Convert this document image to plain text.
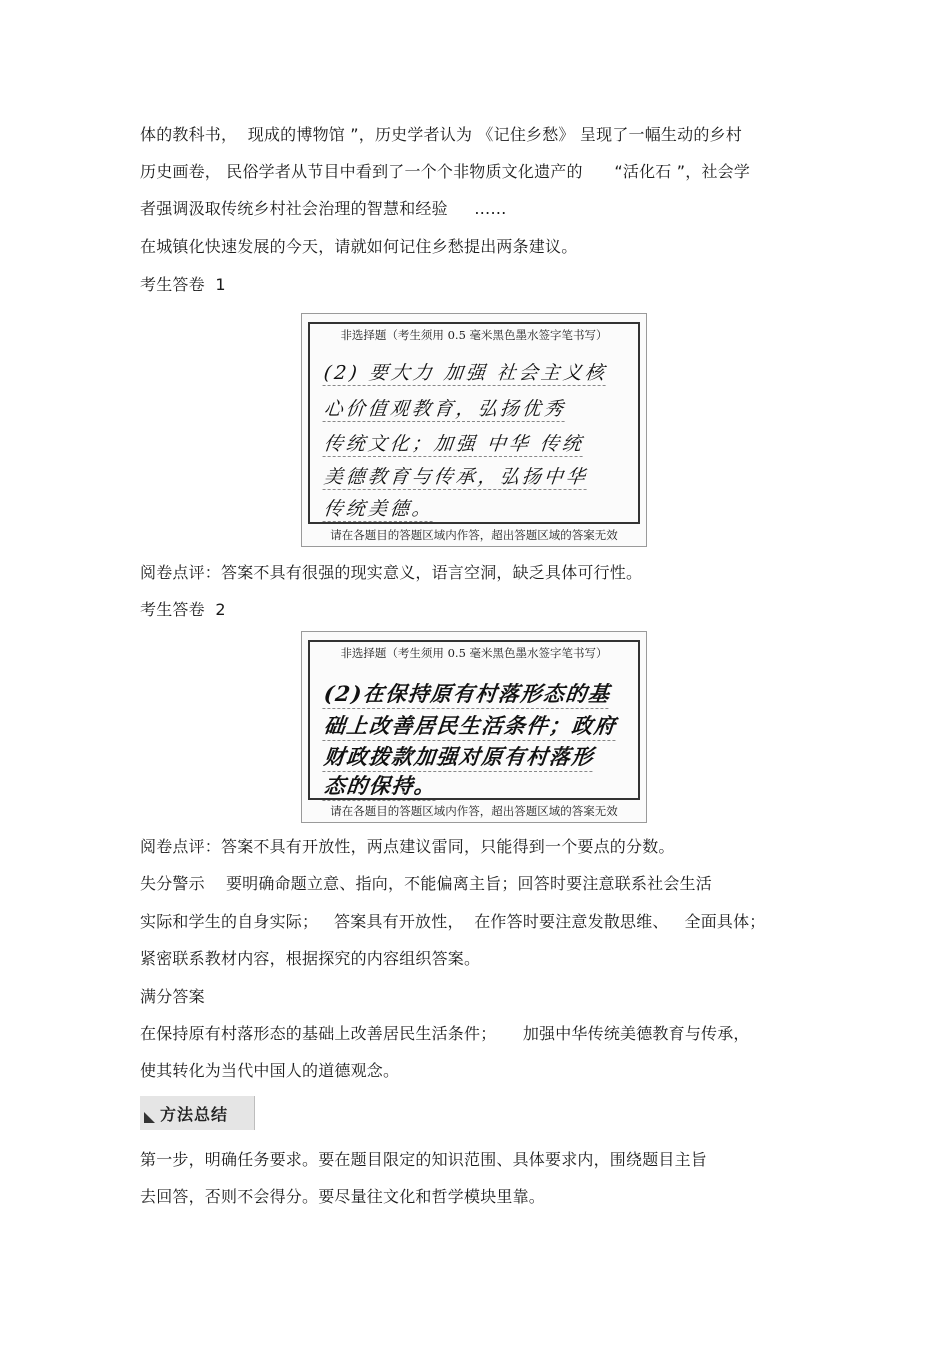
体的教科书，  现成的博物馆 ”，历史学者认为 《记住乡愁》 呈现了一幅生动的乡村
历史画卷， 民俗学者从节目中看到了一个个非物质文化遗产的      “活化石 ”，社会学
者强调汲取传统乡村社会治理的智慧和经验     ……
在城镇化快速发展的今天，请就如何记住乡愁提出两条建议。
考生答卷  1
非选择题（考生须用 0.5 毫米黑色墨水签字笔书写）
(2) 要大力 加强 社会主义核
心价值观教育，弘扬优秀
传统文化；加强 中华 传统
美德教育与传承，弘扬中华
传统美德。
请在各题目的答题区域内作答，超出答题区域的答案无效
阅卷点评：答案不具有很强的现实意义，语言空洞，缺乏具体可行性。
考生答卷  2
非选择题（考生须用 0.5 毫米黑色墨水签字笔书写）
(2)在保持原有村落形态的基
础上改善居民生活条件；政府
财政拨款加强对原有村落形
态的保持。
请在各题目的答题区域内作答，超出答题区域的答案无效
阅卷点评：答案不具有开放性，两点建议雷同，只能得到一个要点的分数。
失分警示    要明确命题立意、指向，不能偏离主旨；回答时要注意联系社会生活
实际和学生的自身实际；   答案具有开放性，  在作答时要注意发散思维、   全面具体；
紧密联系教材内容，根据探究的内容组织答案。
满分答案
在保持原有村落形态的基础上改善居民生活条件；     加强中华传统美德教育与传承，
使其转化为当代中国人的道德观念。
方法总结
第一步，明确任务要求。要在题目限定的知识范围、具体要求内，围绕题目主旨
去回答，否则不会得分。要尽量往文化和哲学模块里靠。
